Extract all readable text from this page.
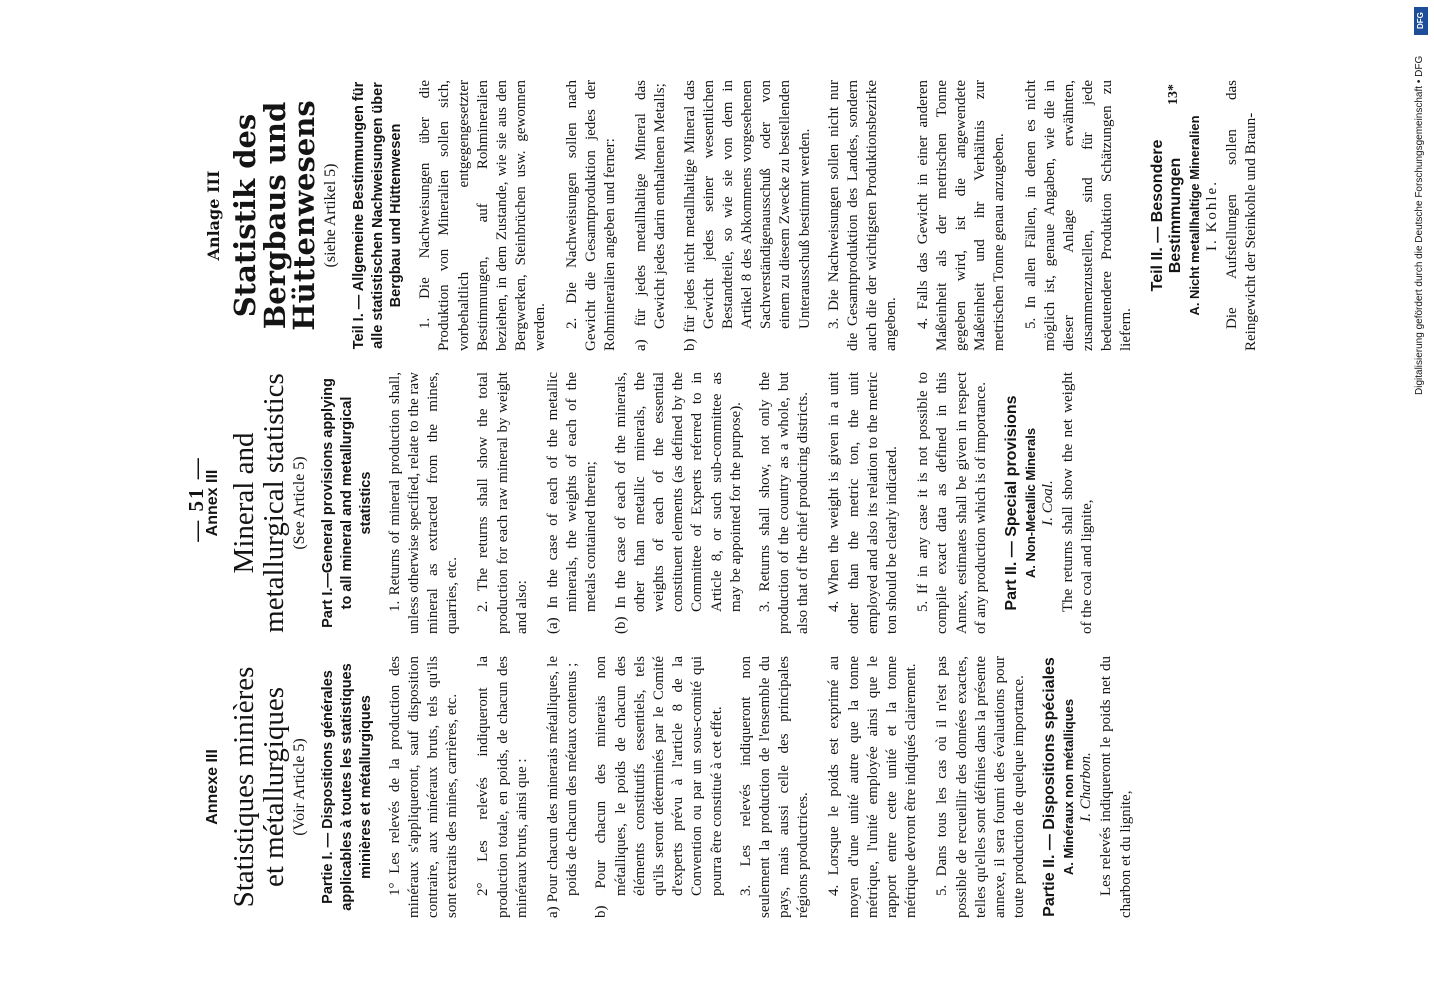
— 51 —
Annexe III Statistiques minières et métallurgiques (Voir Article 5) Partie I. — Dispositions générales applicables à toutes les statistiques minières et métallurgiques 1° Les relevés de la production des minéraux s'appliqueront, sauf disposition contraire, aux minéraux bruts, tels qu'ils sont extraits des mines, carrières, etc. 2° Les relevés indiqueront la production totale, en poids, de chacun des minéraux bruts, ainsi que : a) Pour chacun des minerais métalliques, le poids de chacun des métaux contenus ; b) Pour chacun des minerais non métalliques, le poids de chacun des éléments constitutifs essentiels, tels qu'ils seront déterminés par le Comité d'experts prévu à l'article 8 de la Convention ou par un sous-comité qui pourra être constitué à cet effet. 3. Les relevés indiqueront non seulement la production de l'ensemble du pays, mais aussi celle des principales régions productrices. 4. Lorsque le poids est exprimé au moyen d'une unité autre que la tonne métrique, l'unité employée ainsi que le rapport entre cette unité et la tonne métrique devront être indiqués clairement. 5. Dans tous les cas où il n'est pas possible de recueillir des données exactes, telles qu'elles sont définies dans la présente annexe, il sera fourni des évaluations pour toute production de quelque importance. Partie II. — Dispositions spéciales A. Minéraux non métalliques I. Charbon. Les relevés indiqueront le poids net du charbon et du lignite,

Annex III Mineral and metallurgical statistics (See Article 5) Part I.—General provisions applying to all mineral and metallurgical statistics 1. Returns of mineral production shall, unless otherwise specified, relate to the raw mineral as extracted from the mines, quarries, etc. 2. The returns shall show the total production for each raw mineral by weight and also: (a) In the case of each of the metallic minerals, the weights of each of the metals contained therein; (b) In the case of each of the minerals, other than metallic minerals, the weights of each of the essential constituent elements (as defined by the Committee of Experts referred to in Article 8, or such sub-committee as may be appointed for the purpose). 3. Returns shall show, not only the production of the country as a whole, but also that of the chief producing districts. 4. When the weight is given in a unit other than the metric ton, the unit employed and also its relation to the metric ton should be clearly indicated. 5. If in any case it is not possible to compile exact data as defined in this Annex, estimates shall be given in respect of any production which is of importance. Part II. — Special provisions A. Non-Metallic Minerals I. Coal. The returns shall show the net weight of the coal and lignite,

Anlage III Statistik des Bergbaus und Hüttenwesens (siehe Artikel 5) Teil I. — Allgemeine Bestimmungen für alle statistischen Nachweisungen über Bergbau und Hüttenwesen 1. Die Nachweisungen über die Produktion von Mineralien sollen sich, vorbehaltlich entgegengesetzter Bestimmungen, auf Rohmineralien beziehen, in dem Zustande, wie sie aus den Bergwerken, Steinbrüchen usw. gewonnen werden. 2. Die Nachweisungen sollen nach Gewicht die Gesamtproduktion jedes der Rohmineralien angeben und ferner: a) für jedes metallhaltige Mineral das Gewicht jedes darin enthaltenen Metalls; b) für jedes nicht metallhaltige Mineral das Gewicht jedes seiner wesentlichen Bestandteile, so wie sie von dem in Artikel 8 des Abkommens vorgesehenen Sachverständigenausschuß oder von einem zu diesem Zwecke zu bestellenden Unterausschuß bestimmt werden. 3. Die Nachweisungen sollen nicht nur die Gesamtproduktion des Landes, sondern auch die der wichtigsten Produktionsbezirke angeben. 4. Falls das Gewicht in einer anderen Maßeinheit als der metrischen Tonne gegeben wird, ist die angewendete Maßeinheit und ihr Verhältnis zur metrischen Tonne genau anzugeben. 5. In allen Fällen, in denen es nicht möglich ist, genaue Angaben, wie die in dieser Anlage erwähnten, zusammenzustellen, sind für jede bedeutendere Produktion Schätzungen zu liefern.

Teil II. — Besondere Bestimmungen A. Nicht metallhaltige Mineralien I. Kohle. Die Aufstellungen sollen das Reingewicht der Steinkohle und Braun-

13*
DFG
Digitalisierung gefördert durch die Deutsche Forschungsgemeinschaft • DFG
